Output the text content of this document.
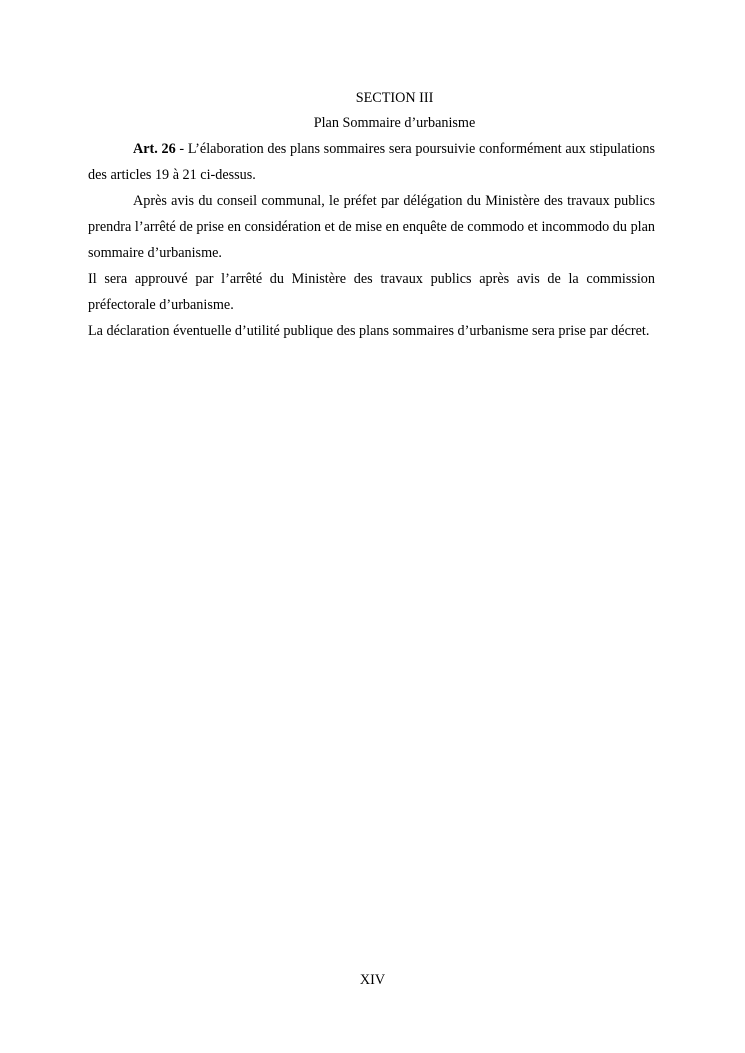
SECTION III
Plan Sommaire d’urbanisme

Art. 26 - L’élaboration des plans sommaires sera poursuivie conformément aux stipulations des articles 19 à 21 ci-dessus.

Après avis du conseil communal, le préfet par délégation du Ministère des travaux publics prendra l’arrêté de prise en considération et de mise en enquête de commodo et incommodo du plan sommaire d’urbanisme.

Il sera approuvé par l’arrêté du Ministère des travaux publics après avis de la commission préfectorale d’urbanisme.

La déclaration éventuelle d’utilité publique des plans sommaires d’urbanisme sera prise par décret.

XIV
